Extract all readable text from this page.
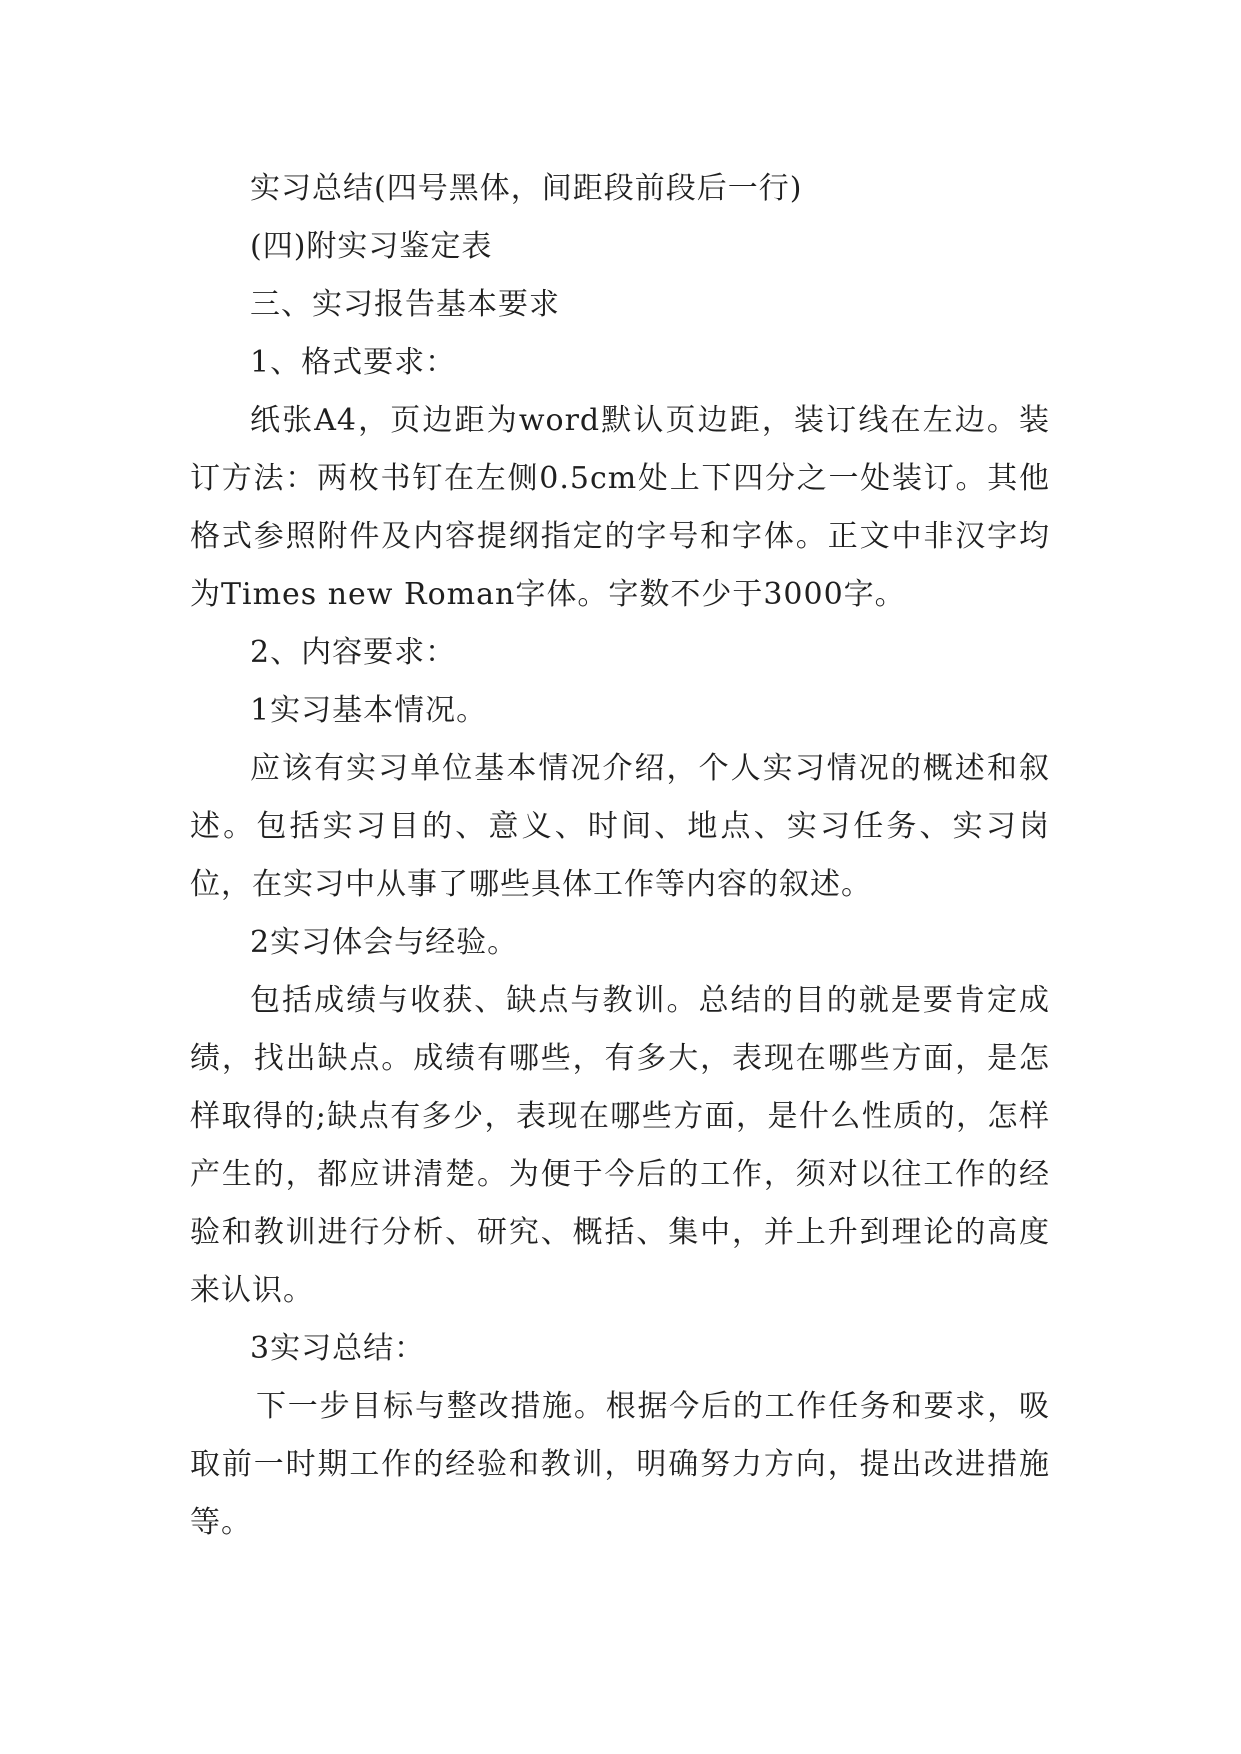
实习总结(四号黑体，间距段前段后一行)

(四)附实习鉴定表

三、实习报告基本要求

1、格式要求：

纸张A4，页边距为word默认页边距，装订线在左边。装订方法：两枚书钉在左侧0.5cm处上下四分之一处装订。其他格式参照附件及内容提纲指定的字号和字体。正文中非汉字均为Times new Roman字体。字数不少于3000字。

2、内容要求：

1实习基本情况。

应该有实习单位基本情况介绍，个人实习情况的概述和叙述。包括实习目的、意义、时间、地点、实习任务、实习岗位，在实习中从事了哪些具体工作等内容的叙述。

2实习体会与经验。

包括成绩与收获、缺点与教训。总结的目的就是要肯定成绩，找出缺点。成绩有哪些，有多大，表现在哪些方面，是怎样取得的;缺点有多少，表现在哪些方面，是什么性质的，怎样产生的，都应讲清楚。为便于今后的工作，须对以往工作的经验和教训进行分析、研究、概括、集中，并上升到理论的高度来认识。

3实习总结：

下一步目标与整改措施。根据今后的工作任务和要求，吸取前一时期工作的经验和教训，明确努力方向，提出改进措施等。
